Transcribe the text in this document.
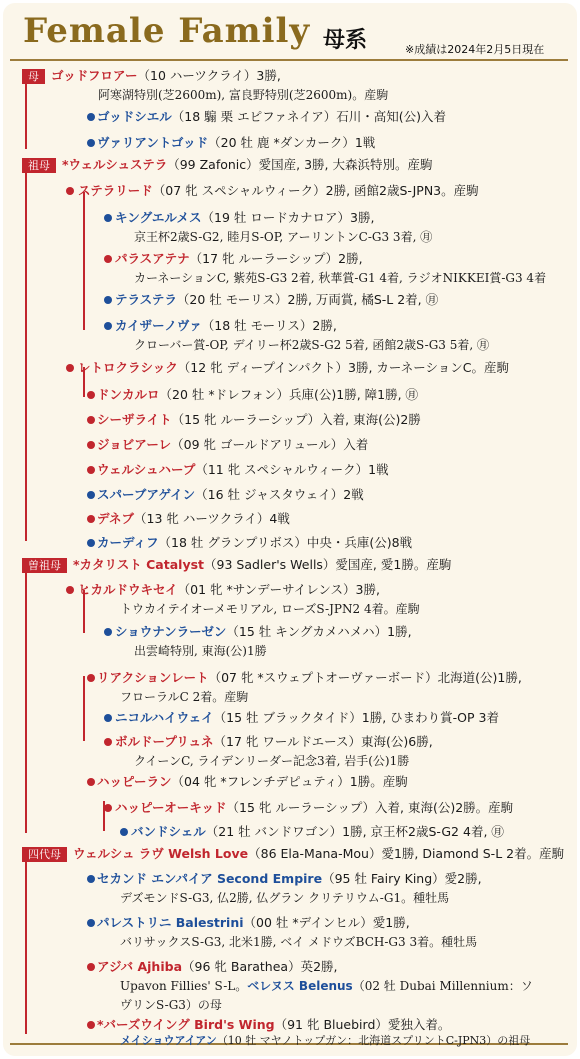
Female Family 母系	※成績は2024年2月5日現在
母 ゴッドフロアー（10 ハーツクライ）3勝,
阿寒湖特別(芝2600m), 富良野特別(芝2600m)。産駒
ゴッドシエル（18 騸 栗 エピファネイア）石川・高知(公)入着
ヴァリアントゴッド（20 牡 鹿 *ダンカーク）1戦
祖母 *ウェルシュステラ（99 Zafonic）愛国産, 3勝, 大森浜特別。産駒
ステラリード（07 牝 スペシャルウィーク）2勝, 函館2歳S-JPN3。産駒
キングエルメス（19 牡 ロードカナロア）3勝,
京王杯2歳S-G2, 睦月S-OP, アーリントンC-G3 3着, ㊊
パラスアテナ（17 牝 ルーラーシップ）2勝,
カーネーションC, 紫苑S-G3 2着, 秋華賞-G1 4着, ラジオNIKKEI賞-G3 4着
テラステラ（20 牡 モーリス）2勝, 万両賞, 橘S-L 2着, ㊊
カイザーノヴァ（18 牡 モーリス）2勝,
クローバー賞-OP, デイリー杯2歳S-G2 5着, 函館2歳S-G3 5着, ㊊
レトロクラシック（12 牝 ディープインパクト）3勝, カーネーションC。産駒
ドンカルロ（20 牡 *ドレフォン）兵庫(公)1勝, 障1勝, ㊊
シーザライト（15 牝 ルーラーシップ）入着, 東海(公)2勝
ジョビアーレ（09 牝 ゴールドアリュール）入着
ウェルシュハープ（11 牝 スペシャルウィーク）1戦
スパーブアゲイン（16 牡 ジャスタウェイ）2戦
デネブ（13 牝 ハーツクライ）4戦
カーディフ（18 牡 グランプリボス）中央・兵庫(公)8戦
曽祖母 *カタリスト Catalyst（93 Sadler's Wells）愛国産, 愛1勝。産駒
ヒカルドウキセイ（01 牝 *サンデーサイレンス）3勝,
トウカイテイオーメモリアル, ローズS-JPN2 4着。産駒
ショウナンラーゼン（15 牡 キングカメハメハ）1勝,
出雲崎特別, 東海(公)1勝
リアクションレート（07 牝 *スウェプトオーヴァーボード）北海道(公)1勝,
フローラルC 2着。産駒
ニコルハイウェイ（15 牡 ブラックタイド）1勝, ひまわり賞-OP 3着
ボルドープリュネ（17 牝 ワールドエース）東海(公)6勝,
クイーンC, ライデンリーダー記念3着, 岩手(公)1勝
ハッピーラン（04 牝 *フレンチデピュティ）1勝。産駒
ハッピーオーキッド（15 牝 ルーラーシップ）入着, 東海(公)2勝。産駒
バンドシェル（21 牡 バンドワゴン）1勝, 京王杯2歳S-G2 4着, ㊊
四代母 ウェルシュ ラヴ Welsh Love（86 Ela-Mana-Mou）愛1勝, Diamond S-L 2着。産駒
セカンド エンパイア Second Empire（95 牡 Fairy King）愛2勝,
デズモンドS-G3, 仏2勝, 仏グラン クリテリウム-G1。種牡馬
パレストリニ Balestrini（00 牡 *デインヒル）愛1勝,
バリサックスS-G3, 北米1勝, ベイ メドウズBCH-G3 3着。種牡馬
アジバ Ajhiba（96 牝 Barathea）英2勝,
Upavon Fillies' S-L。ベレヌス Belenus（02 牡 Dubai Millennium：ソ
ヴリンS-G3）の母
*バーズウイング Bird's Wing（91 牝 Bluebird）愛独入着。
メイショウアイアン（10 牡 マヤノトップガン：北海道スプリントC-JPN3）の祖母
